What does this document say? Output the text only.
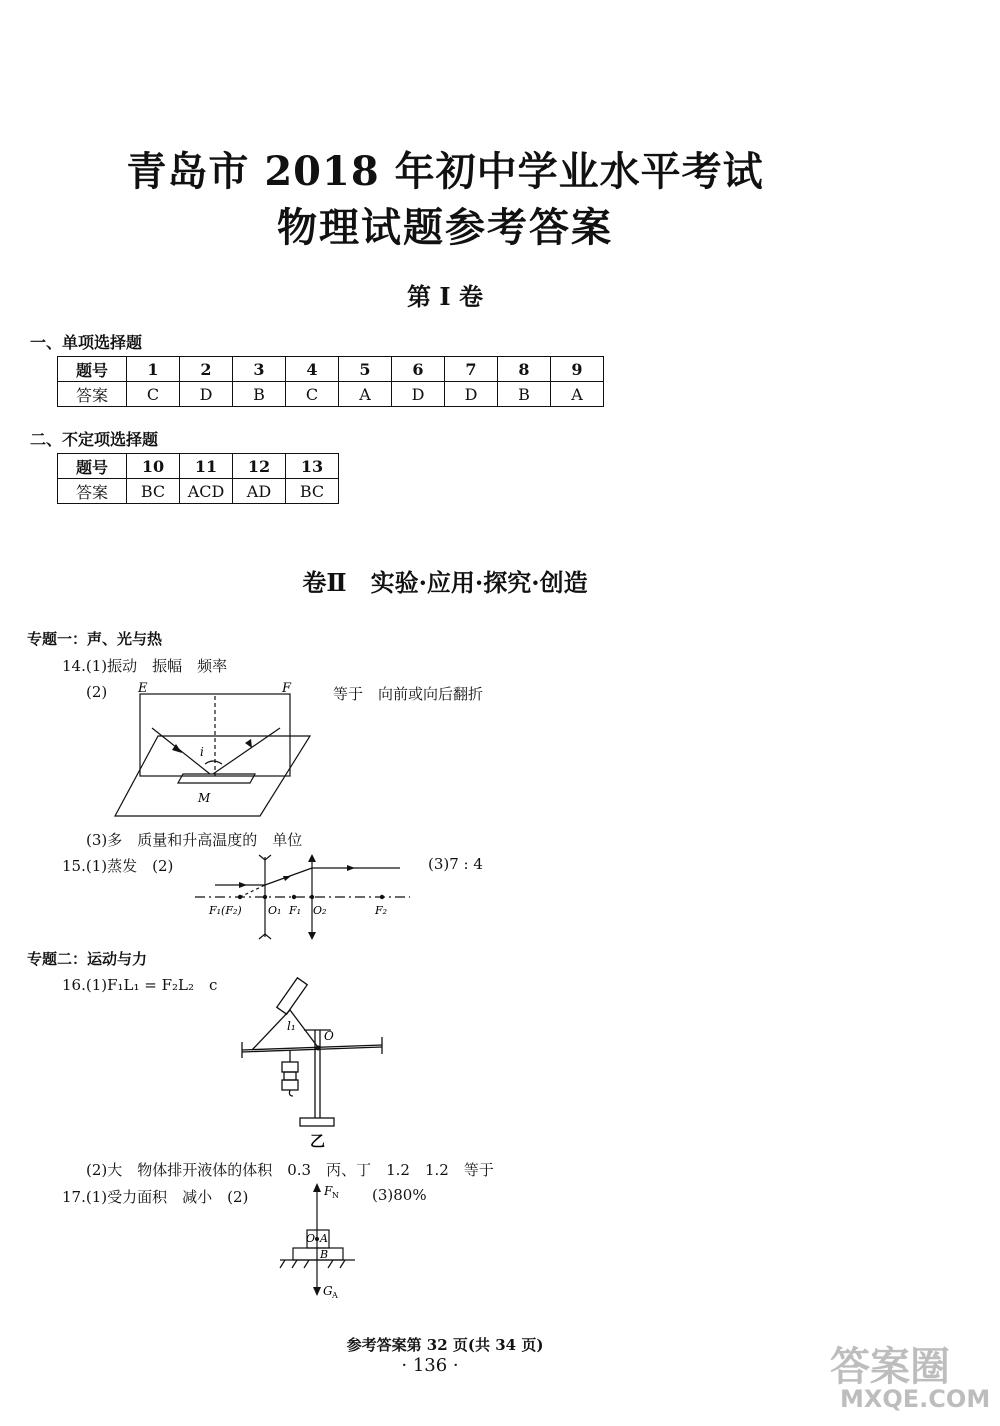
青岛市 2018 年初中学业水平考试
物理试题参考答案
第 I 卷
一、单项选择题
题号	1	2	3	4	5	6	7	8	9
答案	C	D	B	C	A	D	D	B	A
二、不定项选择题
题号	10	11	12	13
答案	BC	ACD	AD	BC
卷Ⅱ　实验·应用·探究·创造
专题一：声、光与热
14.(1)振动　振幅　频率
(2)	等于　向前或向后翻折
E	F
i
M
(3)多　质量和升高温度的　单位
15.(1)蒸发　(2)	(3)7 : 4
F₁(F₂) O₁ F₁ O₂	F₂
专题二：运动与力
16.(1)F₁L₁ = F₂L₂　c
l₁
O
乙
(2)大　物体排开液体的体积　0.3　丙、丁　1.2　1.2　等于
17.(1)受力面积　减小　(2)	(3)80%
F N
O A
B
G A
参考答案第 32 页(共 34 页)
· 136 ·	答案圈
MXQE.COM
